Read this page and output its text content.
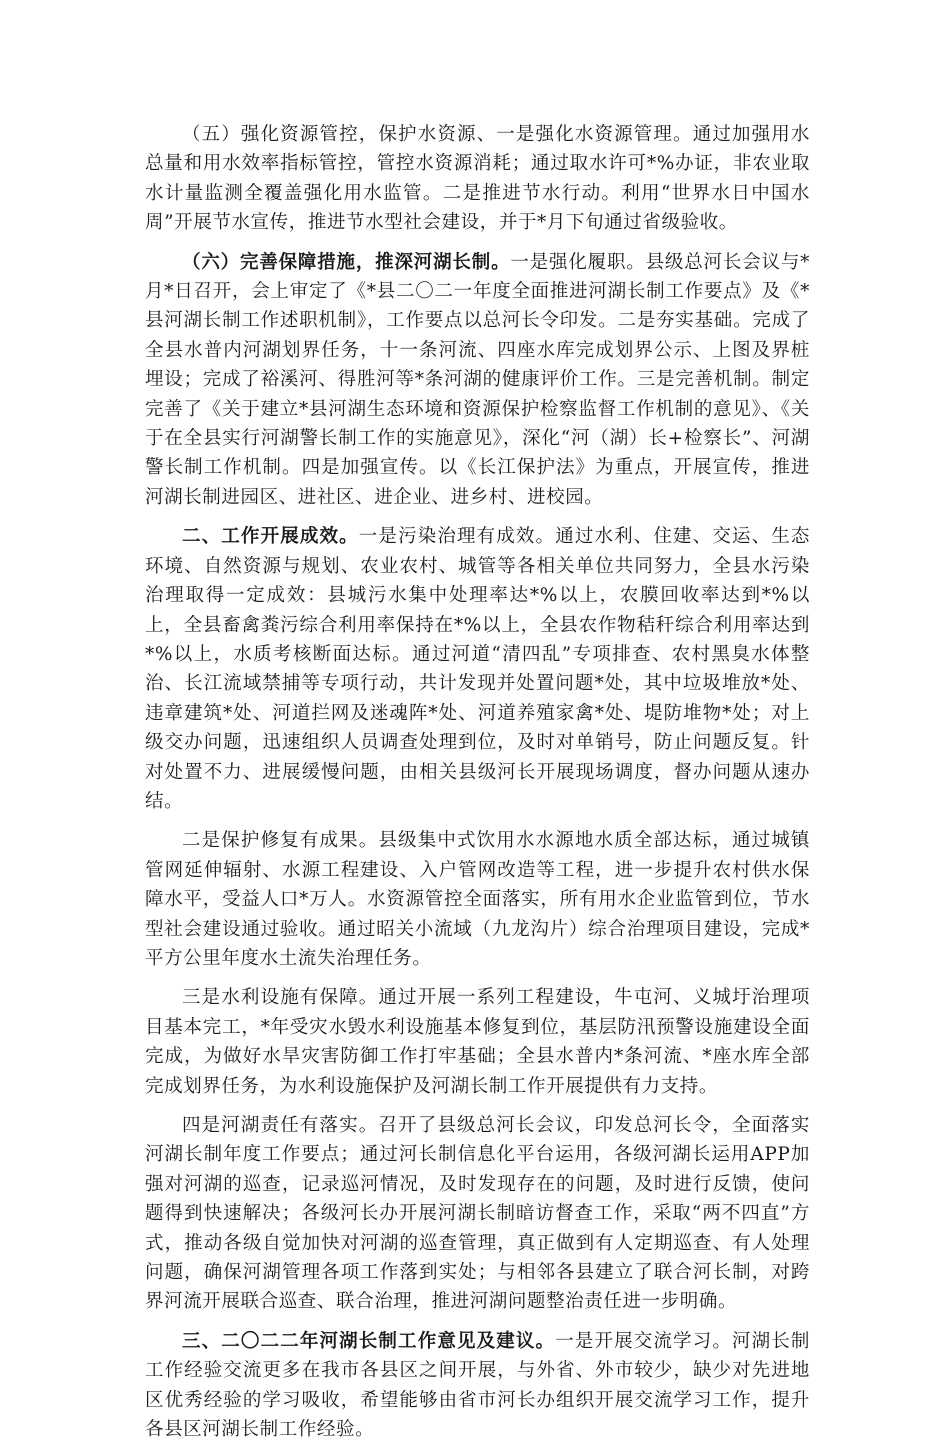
（五）强化资源管控，保护水资源、一是强化水资源管理。通过加强用水总量和用水效率指标管控，管控水资源消耗；通过取水许可*%办证，非农业取水计量监测全覆盖强化用水监管。二是推进节水行动。利用“世界水日中国水周”开展节水宣传，推进节水型社会建设，并于*月下旬通过省级验收。

（六）完善保障措施，推深河湖长制。一是强化履职。县级总河长会议与*月*日召开，会上审定了《*县二〇二一年度全面推进河湖长制工作要点》及《*县河湖长制工作述职机制》，工作要点以总河长令印发。二是夯实基础。完成了全县水普内河湖划界任务，十一条河流、四座水库完成划界公示、上图及界桩埋设；完成了裕溪河、得胜河等*条河湖的健康评价工作。三是完善机制。制定完善了《关于建立*县河湖生态环境和资源保护检察监督工作机制的意见》、《关于在全县实行河湖警长制工作的实施意见》，深化“河（湖）长+检察长”、河湖警长制工作机制。四是加强宣传。以《长江保护法》为重点，开展宣传，推进河湖长制进园区、进社区、进企业、进乡村、进校园。

二、工作开展成效。一是污染治理有成效。通过水利、住建、交运、生态环境、自然资源与规划、农业农村、城管等各相关单位共同努力，全县水污染治理取得一定成效：县城污水集中处理率达*%以上，农膜回收率达到*%以上，全县畜禽粪污综合利用率保持在*%以上，全县农作物秸秆综合利用率达到*%以上，水质考核断面达标。通过河道“清四乱”专项排查、农村黑臭水体整治、长江流域禁捕等专项行动，共计发现并处置问题*处，其中垃圾堆放*处、违章建筑*处、河道拦网及迷魂阵*处、河道养殖家禽*处、堤防堆物*处；对上级交办问题，迅速组织人员调查处理到位，及时对单销号，防止问题反复。针对处置不力、进展缓慢问题，由相关县级河长开展现场调度，督办问题从速办结。

二是保护修复有成果。县级集中式饮用水水源地水质全部达标，通过城镇管网延伸辐射、水源工程建设、入户管网改造等工程，进一步提升农村供水保障水平，受益人口*万人。水资源管控全面落实，所有用水企业监管到位，节水型社会建设通过验收。通过昭关小流域（九龙沟片）综合治理项目建设，完成*平方公里年度水土流失治理任务。

三是水利设施有保障。通过开展一系列工程建设，牛屯河、义城圩治理项目基本完工，*年受灾水毁水利设施基本修复到位，基层防汛预警设施建设全面完成，为做好水旱灾害防御工作打牢基础；全县水普内*条河流、*座水库全部完成划界任务，为水利设施保护及河湖长制工作开展提供有力支持。

四是河湖责任有落实。召开了县级总河长会议，印发总河长令，全面落实河湖长制年度工作要点；通过河长制信息化平台运用，各级河湖长运用APP加强对河湖的巡查，记录巡河情况，及时发现存在的问题，及时进行反馈，使问题得到快速解决；各级河长办开展河湖长制暗访督查工作，采取“两不四直”方式，推动各级自觉加快对河湖的巡查管理，真正做到有人定期巡查、有人处理问题，确保河湖管理各项工作落到实处；与相邻各县建立了联合河长制，对跨界河流开展联合巡查、联合治理，推进河湖问题整治责任进一步明确。

三、二〇二二年河湖长制工作意见及建议。一是开展交流学习。河湖长制工作经验交流更多在我市各县区之间开展，与外省、外市较少，缺少对先进地区优秀经验的学习吸收，希望能够由省市河长办组织开展交流学习工作，提升各县区河湖长制工作经验。
